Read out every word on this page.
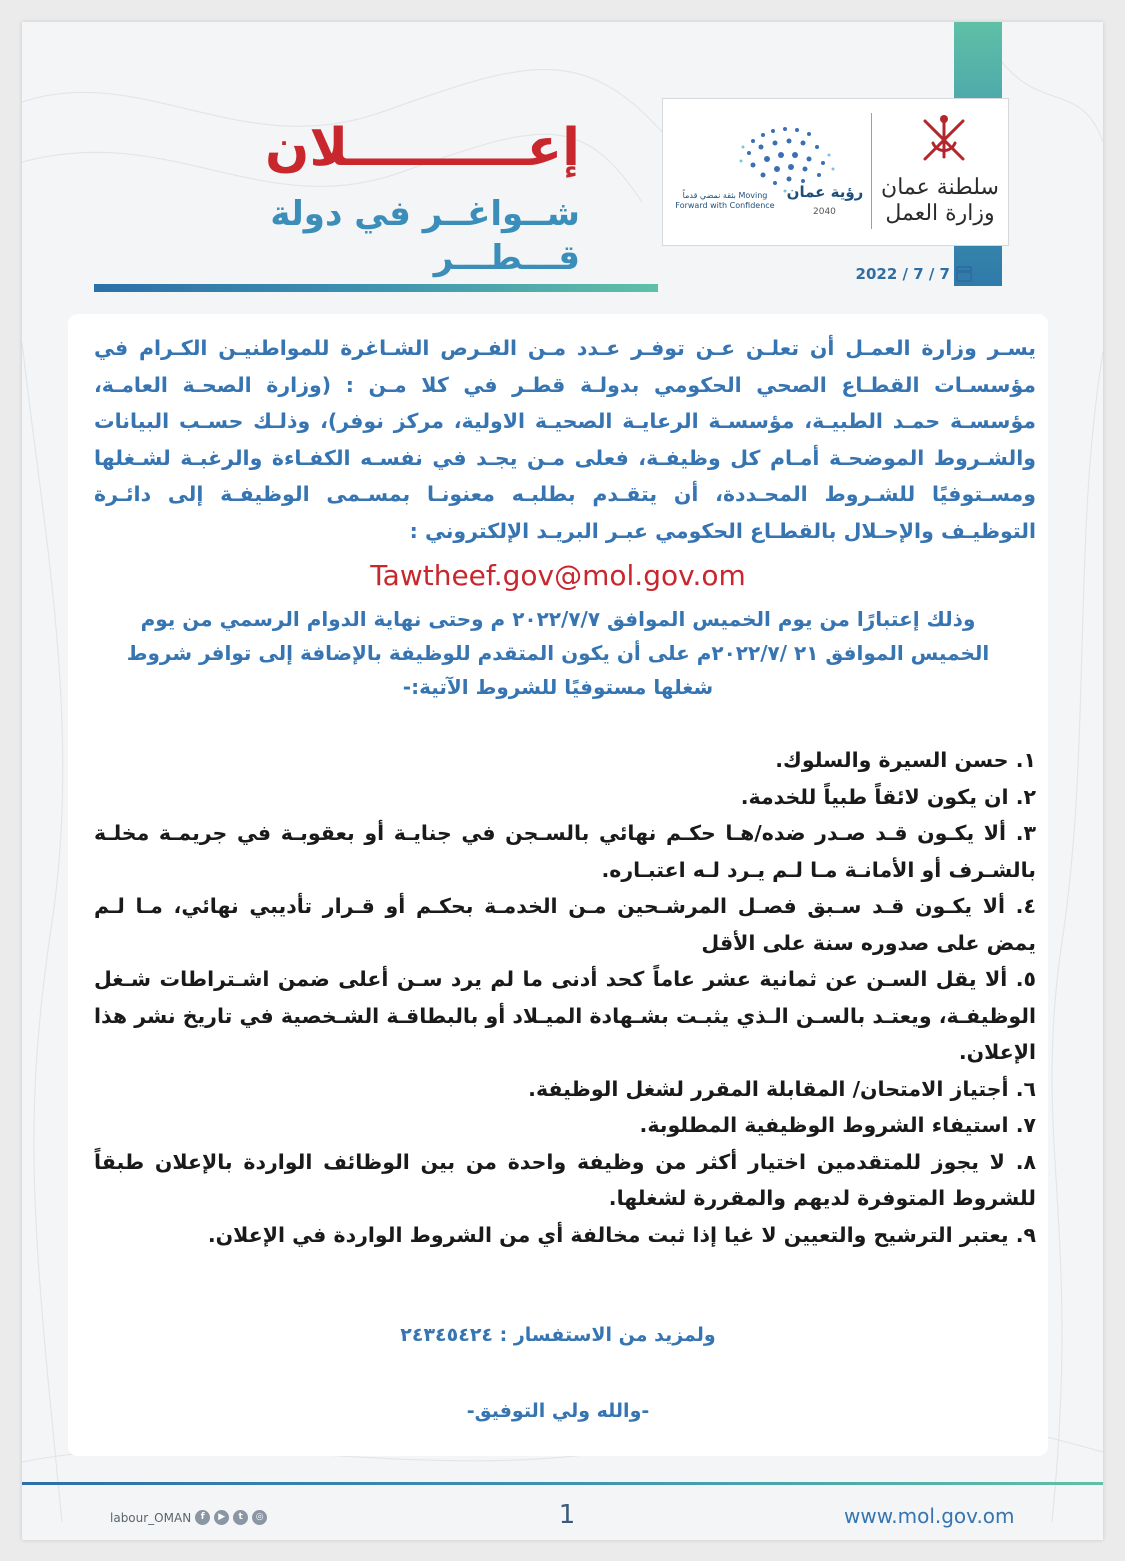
رؤية عمان
2040
بثقة نمضي قدماً Moving Forward with Confidence
سلطنة عمان
وزارة العمل
إعــــــــــلان
شــواغــر في دولة قـــطـــر	2022 / 7 / 7
يسـر وزارة العمـل أن تعلـن عـن توفـر عـدد مـن الفـرص الشـاغرة للمواطنيـن الكـرام في مؤسسـات القطـاع الصحي الحكومي بدولـة قطـر في كلا مـن : (وزارة الصحـة العامـة، مؤسسـة حمـد الطبيـة، مؤسسـة الرعايـة الصحيـة الاولية، مركز نوفر)، وذلـك حسـب البيانات والشـروط الموضحـة أمـام كل وظيفـة، فعلى مـن يجـد في نفسـه الكفـاءة والرغبـة لشـغلها ومسـتوفيًا للشـروط المحـددة، أن يتقـدم بطلبـه معنونـا بمسـمى الوظيفـة إلى دائـرة التوظيـف والإحـلال بالقطـاع الحكومي عبـر البريـد الإلكتروني :
Tawtheef.gov@mol.gov.om
وذلك إعتبارًا من يوم الخميس الموافق ٢٠٢٢/٧/٧ م وحتى نهاية الدوام الرسمي من يوم الخميس الموافق ٢١ /٢٠٢٢/٧م على أن يكون المتقدم للوظيفة بالإضافة إلى توافر شروط شغلها مستوفيًا للشروط الآتية:-
١. حسن السيرة والسلوك.
٢. ان يكون لائقاً طبياً للخدمة.
٣. ألا يكـون قـد صـدر ضده/هـا حكـم نهائي بالسـجن في جنايـة أو بعقوبـة في جريمـة مخلـة بالشـرف أو الأمانـة مـا لـم يـرد لـه اعتبـاره.
٤. ألا يكـون قـد سـبق فصـل المرشـحين مـن الخدمـة بحكـم أو قـرار تأديبي نهائي، مـا لـم يمض على صدوره سنة على الأقل
٥. ألا يقل السـن عن ثمانية عشر عاماً كحد أدنى ما لم يرد سـن أعلى ضمن اشـتراطات شـغل الوظيفـة، ويعتـد بالسـن الـذي يثبـت بشـهادة الميـلاد أو بالبطاقـة الشـخصية في تاريخ نشر هذا الإعلان.
٦. أجتياز الامتحان/ المقابلة المقرر لشغل الوظيفة.
٧. استيفاء الشروط الوظيفية المطلوبة.
٨. لا يجوز للمتقدمين اختيار أكثر من وظيفة واحدة من بين الوظائف الواردة بالإعلان طبقاً للشروط المتوفرة لديهم والمقررة لشغلها.
٩. يعتبر الترشيح والتعيين لا غيا إذا ثبت مخالفة أي من الشروط الواردة في الإعلان.
ولمزيد من الاستفسار : ٢٤٣٤٥٤٢٤
-والله ولي التوفيق-
labour_OMAN	f	▶	t	◎	1	www.mol.gov.om
